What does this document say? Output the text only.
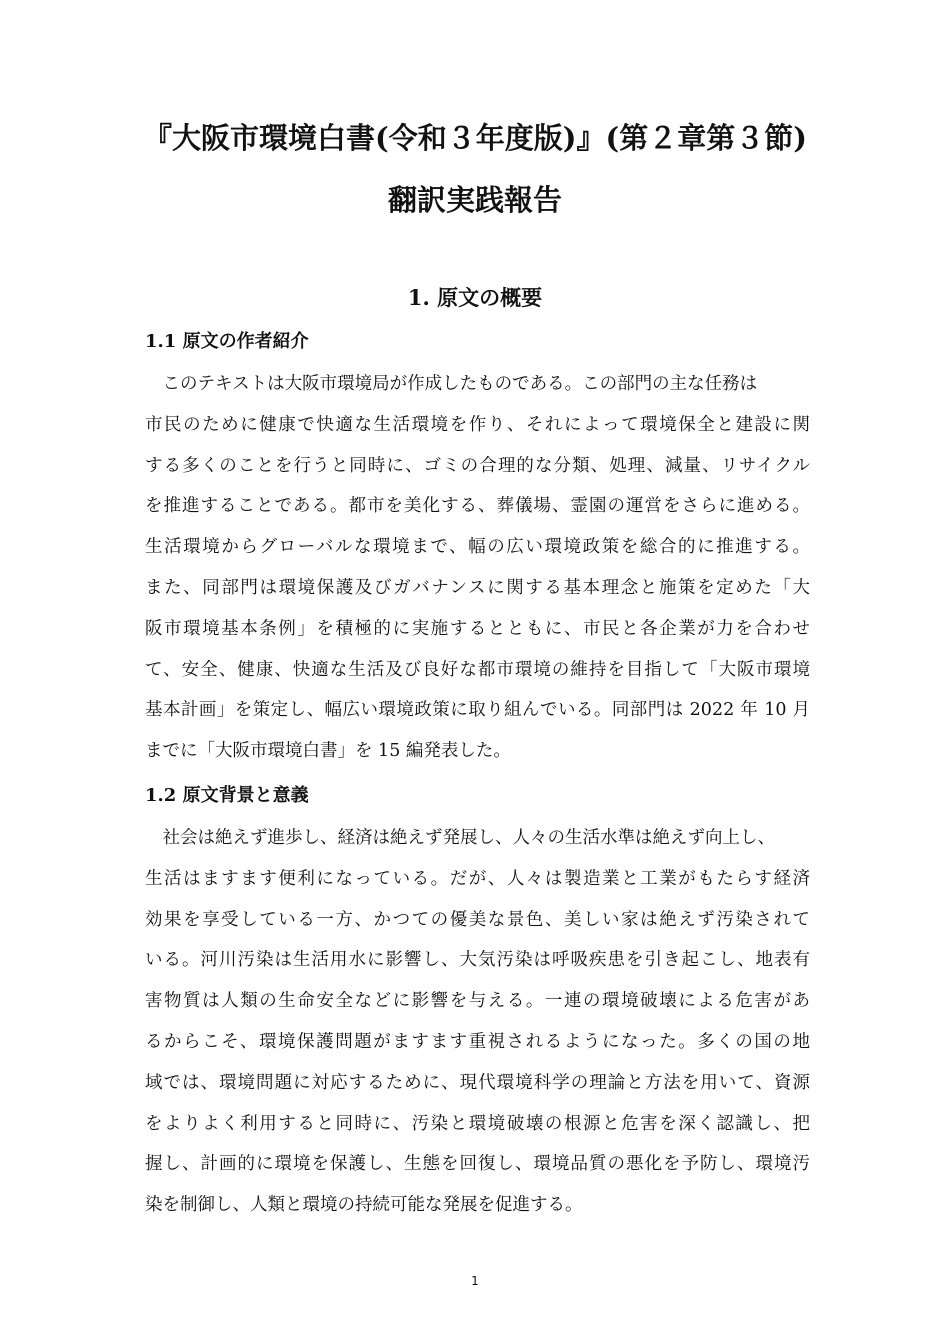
『大阪市環境白書(令和３年度版)』(第２章第３節)
翻訳実践報告
1. 原文の概要
1.1 原文の作者紹介
このテキストは大阪市環境局が作成したものである。この部門の主な任務は
市民のために健康で快適な生活環境を作り、それによって環境保全と建設に関
する多くのことを行うと同時に、ゴミの合理的な分類、処理、減量、リサイクル
を推進することである。都市を美化する、葬儀場、霊園の運営をさらに進める。
生活環境からグローバルな環境まで、幅の広い環境政策を総合的に推進する。
また、同部門は環境保護及びガバナンスに関する基本理念と施策を定めた「大
阪市環境基本条例」を積極的に実施するとともに、市民と各企業が力を合わせ
て、安全、健康、快適な生活及び良好な都市環境の維持を目指して「大阪市環境
基本計画」を策定し、幅広い環境政策に取り組んでいる。同部門は 2022 年 10 月
までに「大阪市環境白書」を 15 編発表した。
1.2 原文背景と意義
社会は絶えず進歩し、経済は絶えず発展し、人々の生活水準は絶えず向上し、
生活はますます便利になっている。だが、人々は製造業と工業がもたらす経済
効果を享受している一方、かつての優美な景色、美しい家は絶えず汚染されて
いる。河川汚染は生活用水に影響し、大気汚染は呼吸疾患を引き起こし、地表有
害物質は人類の生命安全などに影響を与える。一連の環境破壊による危害があ
るからこそ、環境保護問題がますます重視されるようになった。多くの国の地
域では、環境問題に対応するために、現代環境科学の理論と方法を用いて、資源
をよりよく利用すると同時に、汚染と環境破壊の根源と危害を深く認識し、把
握し、計画的に環境を保護し、生態を回復し、環境品質の悪化を予防し、環境汚
染を制御し、人類と環境の持続可能な発展を促進する。
1
